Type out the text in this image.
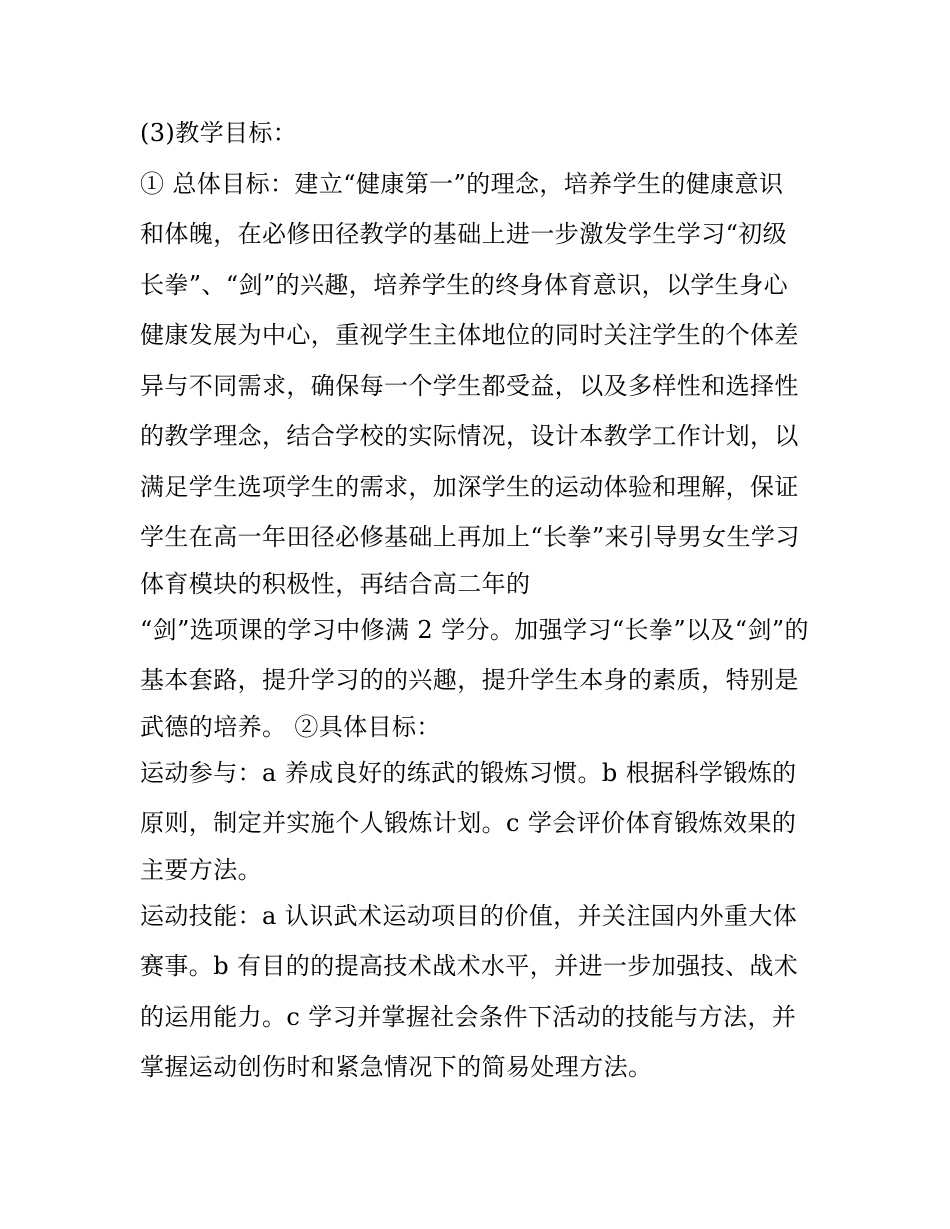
(3)教学目标：
① 总体目标：建立“健康第一”的理念，培养学生的健康意识
和体魄，在必修田径教学的基础上进一步激发学生学习“初级
长拳”、“剑”的兴趣，培养学生的终身体育意识，以学生身心
健康发展为中心，重视学生主体地位的同时关注学生的个体差
异与不同需求，确保每一个学生都受益，以及多样性和选择性
的教学理念，结合学校的实际情况，设计本教学工作计划，以
满足学生选项学生的需求，加深学生的运动体验和理解，保证
学生在高一年田径必修基础上再加上“长拳”来引导男女生学习
体育模块的积极性，再结合高二年的
“剑”选项课的学习中修满 2 学分。加强学习“长拳”以及“剑”的
基本套路，提升学习的的兴趣，提升学生本身的素质，特别是
武德的培养。 ②具体目标：
运动参与：a 养成良好的练武的锻炼习惯。b 根据科学锻炼的
原则，制定并实施个人锻炼计划。c 学会评价体育锻炼效果的
主要方法。
运动技能：a 认识武术运动项目的价值，并关注国内外重大体
赛事。b 有目的的提高技术战术水平，并进一步加强技、战术
的运用能力。c 学习并掌握社会条件下活动的技能与方法，并
掌握运动创伤时和紧急情况下的简易处理方法。
